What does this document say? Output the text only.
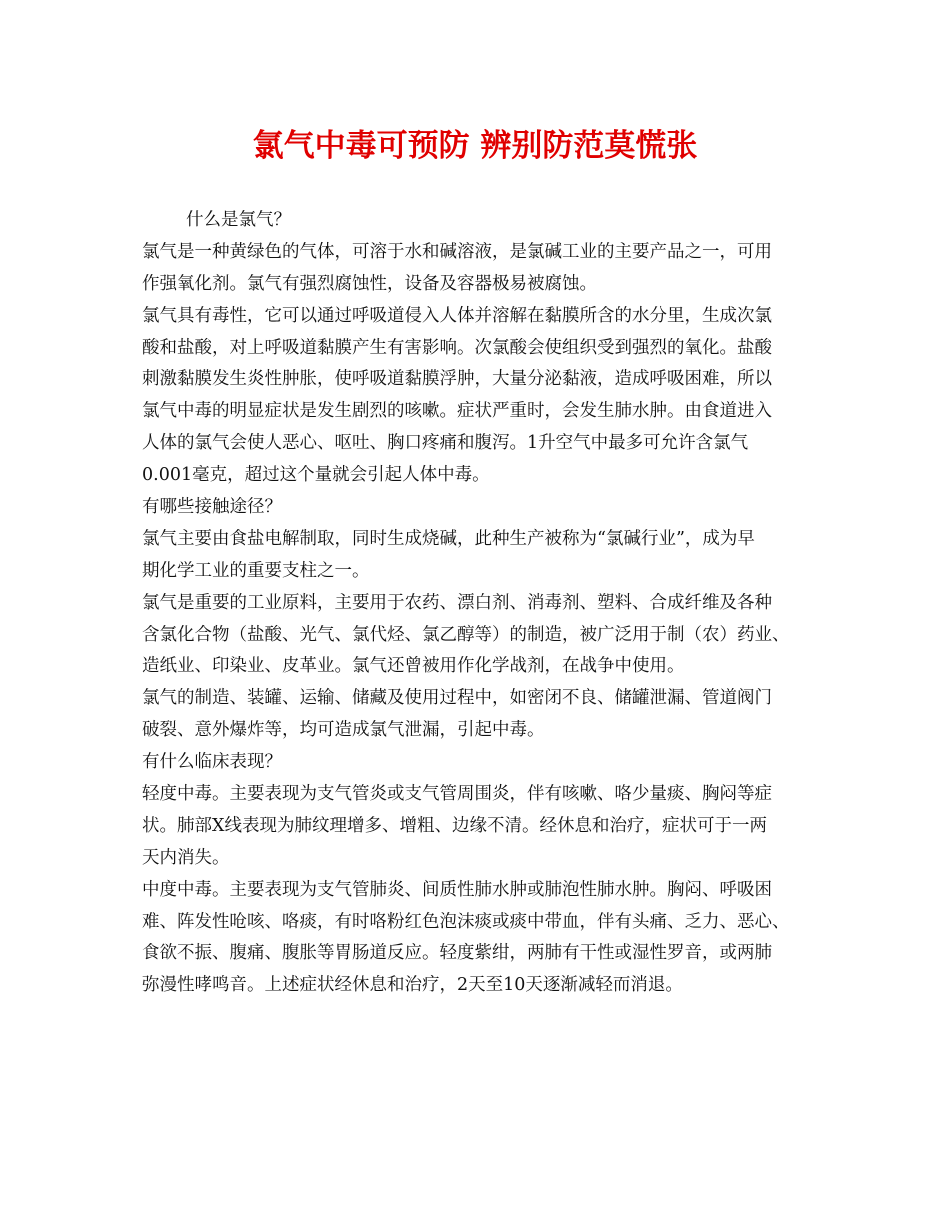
氯气中毒可预防 辨别防范莫慌张
什么是氯气？
氯气是一种黄绿色的气体，可溶于水和碱溶液，是氯碱工业的主要产品之一，可用
作强氧化剂。氯气有强烈腐蚀性，设备及容器极易被腐蚀。
氯气具有毒性，它可以通过呼吸道侵入人体并溶解在黏膜所含的水分里，生成次氯
酸和盐酸，对上呼吸道黏膜产生有害影响。次氯酸会使组织受到强烈的氧化。盐酸
刺激黏膜发生炎性肿胀，使呼吸道黏膜浮肿，大量分泌黏液，造成呼吸困难，所以
氯气中毒的明显症状是发生剧烈的咳嗽。症状严重时，会发生肺水肿。由食道进入
人体的氯气会使人恶心、呕吐、胸口疼痛和腹泻。1升空气中最多可允许含氯气
0.001毫克，超过这个量就会引起人体中毒。
有哪些接触途径？
氯气主要由食盐电解制取，同时生成烧碱，此种生产被称为“氯碱行业”，成为早
期化学工业的重要支柱之一。
氯气是重要的工业原料，主要用于农药、漂白剂、消毒剂、塑料、合成纤维及各种
含氯化合物（盐酸、光气、氯代烃、氯乙醇等）的制造，被广泛用于制（农）药业、
造纸业、印染业、皮革业。氯气还曾被用作化学战剂，在战争中使用。
氯气的制造、装罐、运输、储藏及使用过程中，如密闭不良、储罐泄漏、管道阀门
破裂、意外爆炸等，均可造成氯气泄漏，引起中毒。
有什么临床表现？
轻度中毒。主要表现为支气管炎或支气管周围炎，伴有咳嗽、咯少量痰、胸闷等症
状。肺部X线表现为肺纹理增多、增粗、边缘不清。经休息和治疗，症状可于一两
天内消失。
中度中毒。主要表现为支气管肺炎、间质性肺水肿或肺泡性肺水肿。胸闷、呼吸困
难、阵发性呛咳、咯痰，有时咯粉红色泡沫痰或痰中带血，伴有头痛、乏力、恶心、
食欲不振、腹痛、腹胀等胃肠道反应。轻度紫绀，两肺有干性或湿性罗音，或两肺
弥漫性哮鸣音。上述症状经休息和治疗，2天至10天逐渐减轻而消退。
